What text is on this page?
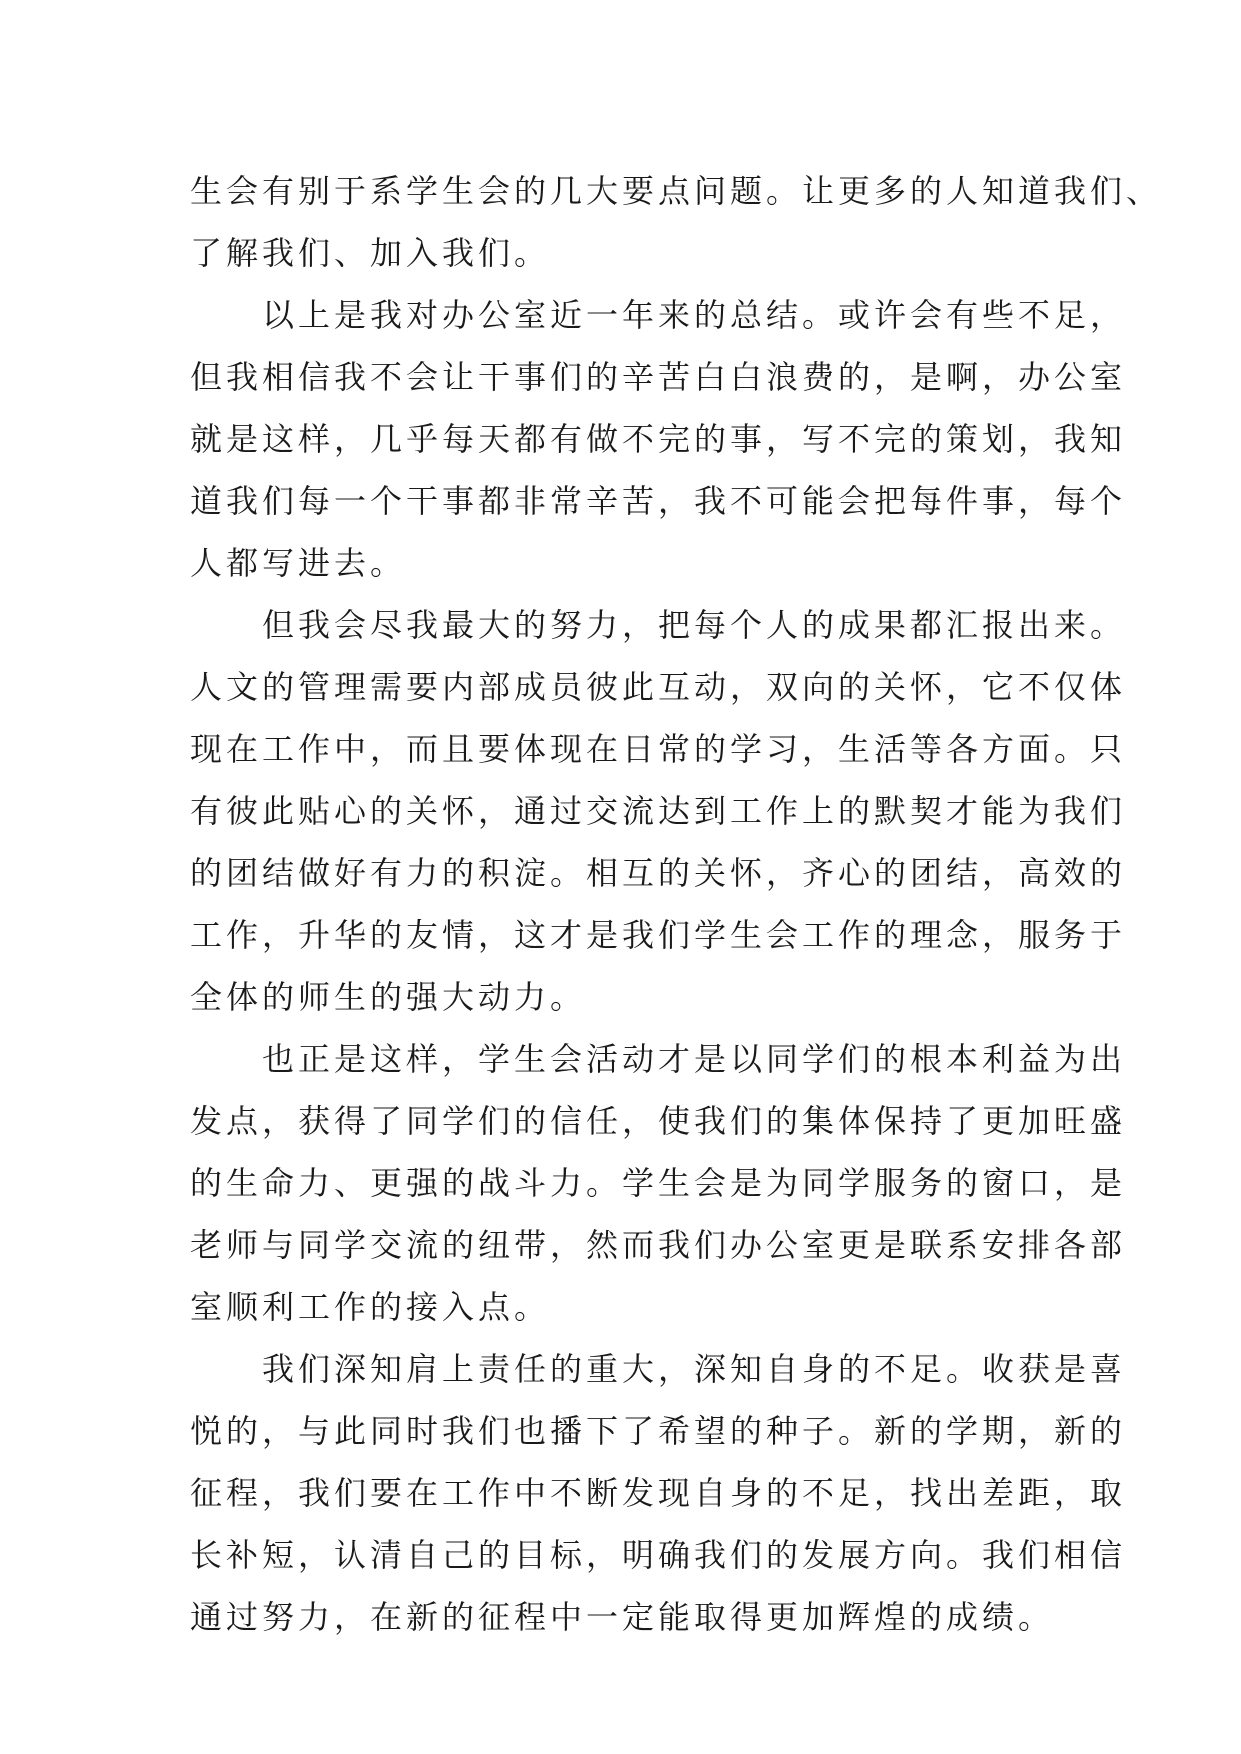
生会有别于系学生会的几大要点问题。让更多的人知道我们、
了解我们、加入我们。
　　以上是我对办公室近一年来的总结。或许会有些不足，
但我相信我不会让干事们的辛苦白白浪费的，是啊，办公室
就是这样，几乎每天都有做不完的事，写不完的策划，我知
道我们每一个干事都非常辛苦，我不可能会把每件事，每个
人都写进去。
　　但我会尽我最大的努力，把每个人的成果都汇报出来。
人文的管理需要内部成员彼此互动，双向的关怀，它不仅体
现在工作中，而且要体现在日常的学习，生活等各方面。只
有彼此贴心的关怀，通过交流达到工作上的默契才能为我们
的团结做好有力的积淀。相互的关怀，齐心的团结，高效的
工作，升华的友情，这才是我们学生会工作的理念，服务于
全体的师生的强大动力。
　　也正是这样，学生会活动才是以同学们的根本利益为出
发点，获得了同学们的信任，使我们的集体保持了更加旺盛
的生命力、更强的战斗力。学生会是为同学服务的窗口，是
老师与同学交流的纽带，然而我们办公室更是联系安排各部
室顺利工作的接入点。
　　我们深知肩上责任的重大，深知自身的不足。收获是喜
悦的，与此同时我们也播下了希望的种子。新的学期，新的
征程，我们要在工作中不断发现自身的不足，找出差距，取
长补短，认清自己的目标，明确我们的发展方向。我们相信
通过努力，在新的征程中一定能取得更加辉煌的成绩。
